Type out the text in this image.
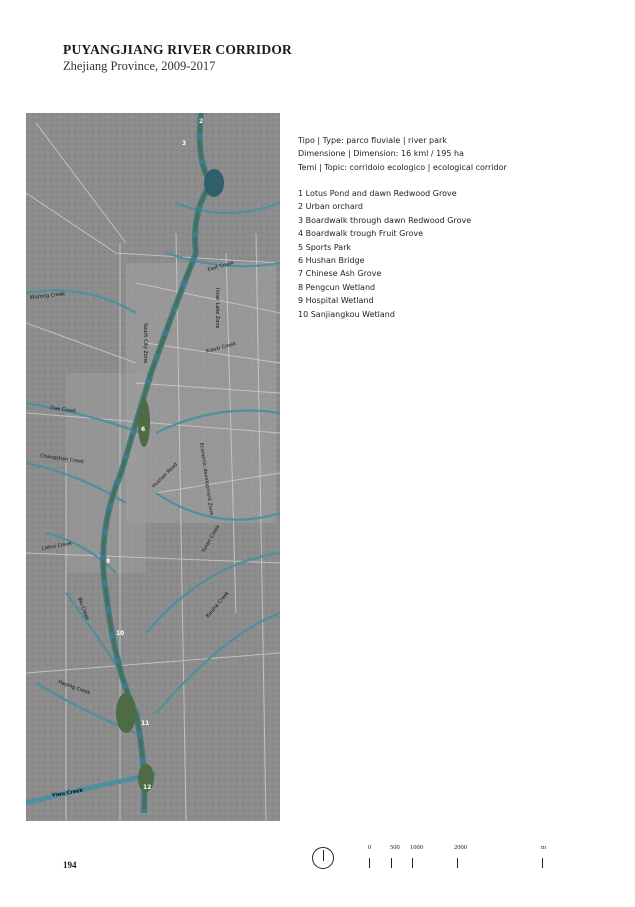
PUYANGJIANG RIVER CORRIDOR
Zhejiang Province, 2009-2017
Wurong Creek
South City Zone
Inner Lake Zone
Dae Creek
Changshan Creek	Economic development Zone
Lishui Creek
Wu Creek
Haping Creek
Yiwu Creek
Hushan Road
Xiaoxi Creek
Yunan Creek
East Creek
Baisha Creek
2
3
6
8
10
11
12
Tipo | Type: parco fluviale | river park
Dimensione | Dimension: 16 kml / 195 ha
Temi | Topic: corridoio ecologico | ecological corridor
1 Lotus Pond and dawn Redwood Grove
2 Urban orchard
3 Boardwalk through dawn Redwood Grove
4 Boardwalk trough Fruit Grove
5 Sports Park
6 Hushan Bridge
7 Chinese Ash Grove
8 Pengcun Wetland
9 Hospital Wetland
10 Sanjiangkou Wetland
194
0	500 1000	2000	m
